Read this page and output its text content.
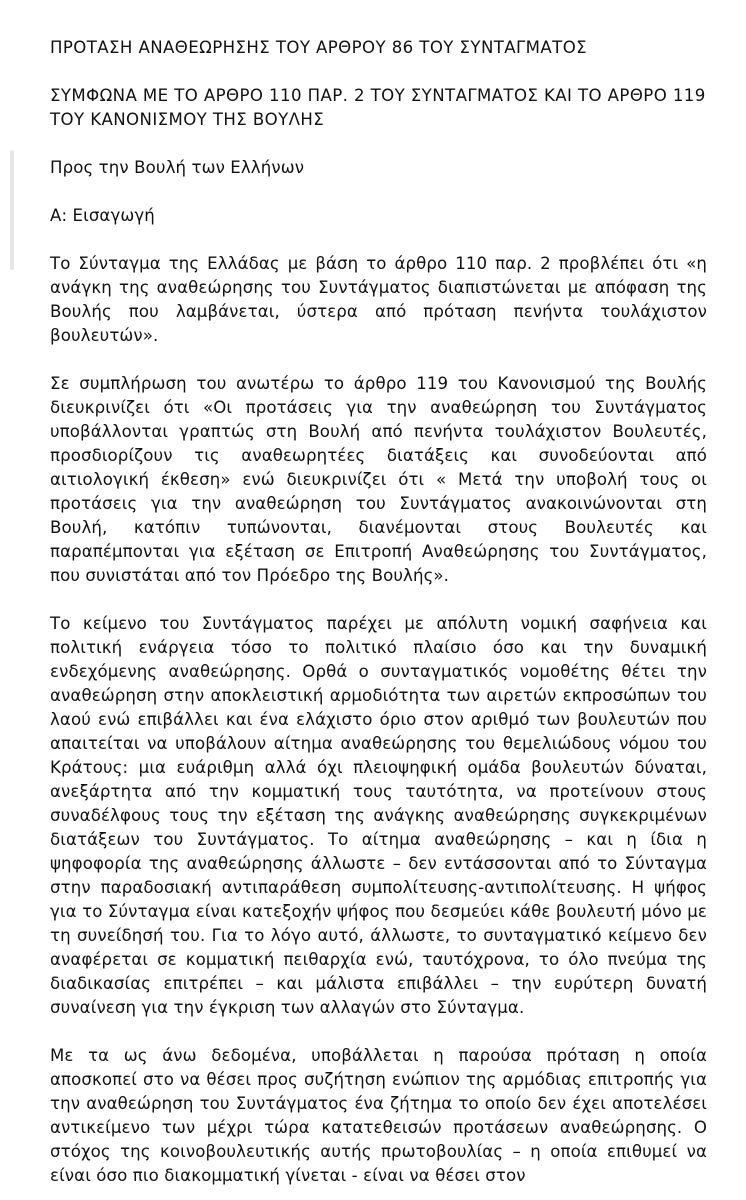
ΠΡΟΤΑΣΗ ΑΝΑΘΕΩΡΗΣΗΣ ΤΟΥ ΑΡΘΡΟΥ 86 ΤΟΥ ΣΥΝΤΑΓΜΑΤΟΣ
ΣΥΜΦΩΝΑ ΜΕ ΤΟ ΑΡΘΡΟ 110 ΠΑΡ. 2 ΤΟΥ ΣΥΝΤΑΓΜΑΤΟΣ ΚΑΙ ΤΟ ΑΡΘΡΟ 119 ΤΟΥ ΚΑΝΟΝΙΣΜΟΥ ΤΗΣ ΒΟΥΛΗΣ
Προς την Βουλή των Ελλήνων
Α: Εισαγωγή

Το Σύνταγμα της Ελλάδας με βάση το άρθρο 110 παρ. 2 προβλέπει ότι «η ανάγκη της αναθεώρησης του Συντάγματος διαπιστώνεται με απόφαση της Βουλής που λαμβάνεται, ύστερα από πρόταση πενήντα τουλάχιστον βουλευτών».

Σε συμπλήρωση του ανωτέρω το άρθρο 119 του Κανονισμού της Βουλής διευκρινίζει ότι «Οι προτάσεις για την αναθεώρηση του Συντάγματος υποβάλλονται γραπτώς στη Βουλή από πενήντα τουλάχιστον Βουλευτές, προσδιορίζουν τις αναθεωρητέες διατάξεις και συνοδεύονται από αιτιολογική έκθεση» ενώ διευκρινίζει ότι « Μετά την υποβολή τους οι προτάσεις για την αναθεώρηση του Συντάγματος ανακοινώνονται στη Βουλή, κατόπιν τυπώνονται, διανέμονται στους Βουλευτές και παραπέμπονται για εξέταση σε Επιτροπή Αναθεώρησης του Συντάγματος, που συνιστάται από τον Πρόεδρο της Βουλής».

Το κείμενο του Συντάγματος παρέχει με απόλυτη νομική σαφήνεια και πολιτική ενάργεια τόσο το πολιτικό πλαίσιο όσο και την δυναμική ενδεχόμενης αναθεώρησης. Ορθά ο συνταγματικός νομοθέτης θέτει την αναθεώρηση στην αποκλειστική αρμοδιότητα των αιρετών εκπροσώπων του λαού ενώ επιβάλλει και ένα ελάχιστο όριο στον αριθμό των βουλευτών που απαιτείται να υποβάλουν αίτημα αναθεώρησης του θεμελιώδους νόμου του Κράτους: μια ευάριθμη αλλά όχι πλειοψηφική ομάδα βουλευτών δύναται, ανεξάρτητα από την κομματική τους ταυτότητα, να προτείνουν στους συναδέλφους τους την εξέταση της ανάγκης αναθεώρησης συγκεκριμένων διατάξεων του Συντάγματος. Το αίτημα αναθεώρησης – και η ίδια η ψηφοφορία της αναθεώρησης άλλωστε – δεν εντάσσονται από το Σύνταγμα στην παραδοσιακή αντιπαράθεση συμπολίτευσης-αντιπολίτευσης. Η ψήφος για το Σύνταγμα είναι κατεξοχήν ψήφος που δεσμεύει κάθε βουλευτή μόνο με τη συνείδησή του. Για το λόγο αυτό, άλλωστε, το συνταγματικό κείμενο δεν αναφέρεται σε κομματική πειθαρχία ενώ, ταυτόχρονα, το όλο πνεύμα της διαδικασίας επιτρέπει – και μάλιστα επιβάλλει – την ευρύτερη δυνατή συναίνεση για την έγκριση των αλλαγών στο Σύνταγμα.

Με τα ως άνω δεδομένα, υποβάλλεται η παρούσα πρόταση η οποία αποσκοπεί στο να θέσει προς συζήτηση ενώπιον της αρμόδιας επιτροπής για την αναθεώρηση του Συντάγματος ένα ζήτημα το οποίο δεν έχει αποτελέσει αντικείμενο των μέχρι τώρα κατατεθεισών προτάσεων αναθεώρησης. Ο στόχος της κοινοβουλευτικής αυτής πρωτοβουλίας – η οποία επιθυμεί να είναι όσο πιο διακομματική γίνεται - είναι να θέσει στον
